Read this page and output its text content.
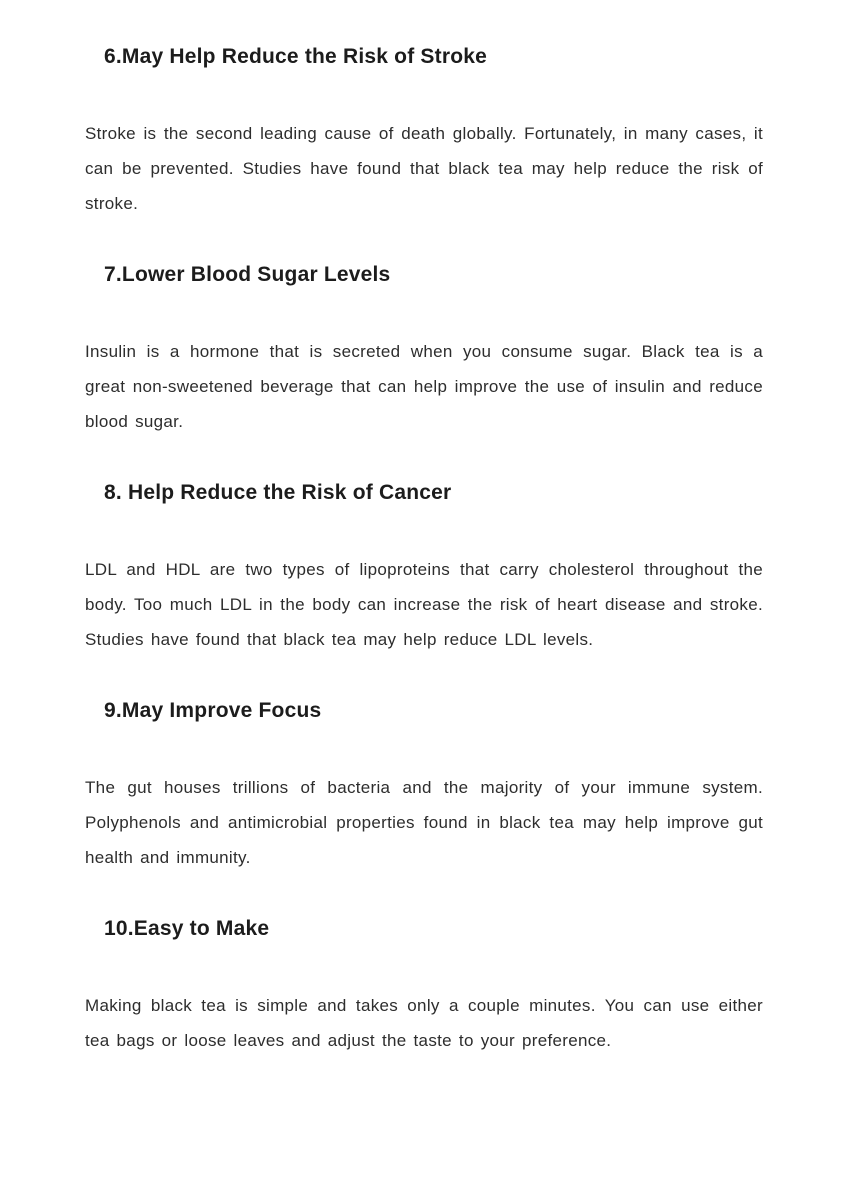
6.May Help Reduce the Risk of Stroke

Stroke is the second leading cause of death globally. Fortunately, in many cases, it can be prevented. Studies have found that black tea may help reduce the risk of stroke.

7.Lower Blood Sugar Levels

Insulin is a hormone that is secreted when you consume sugar. Black tea is a great non-sweetened beverage that can help improve the use of insulin and reduce blood sugar.

8. Help Reduce the Risk of Cancer

LDL and HDL are two types of lipoproteins that carry cholesterol throughout the body. Too much LDL in the body can increase the risk of heart disease and stroke. Studies have found that black tea may help reduce LDL levels.

9.May Improve Focus

The gut houses trillions of bacteria and the majority of your immune system. Polyphenols and antimicrobial properties found in black tea may help improve gut health and immunity.

10.Easy to Make

Making black tea is simple and takes only a couple minutes. You can use either tea bags or loose leaves and adjust the taste to your preference.
